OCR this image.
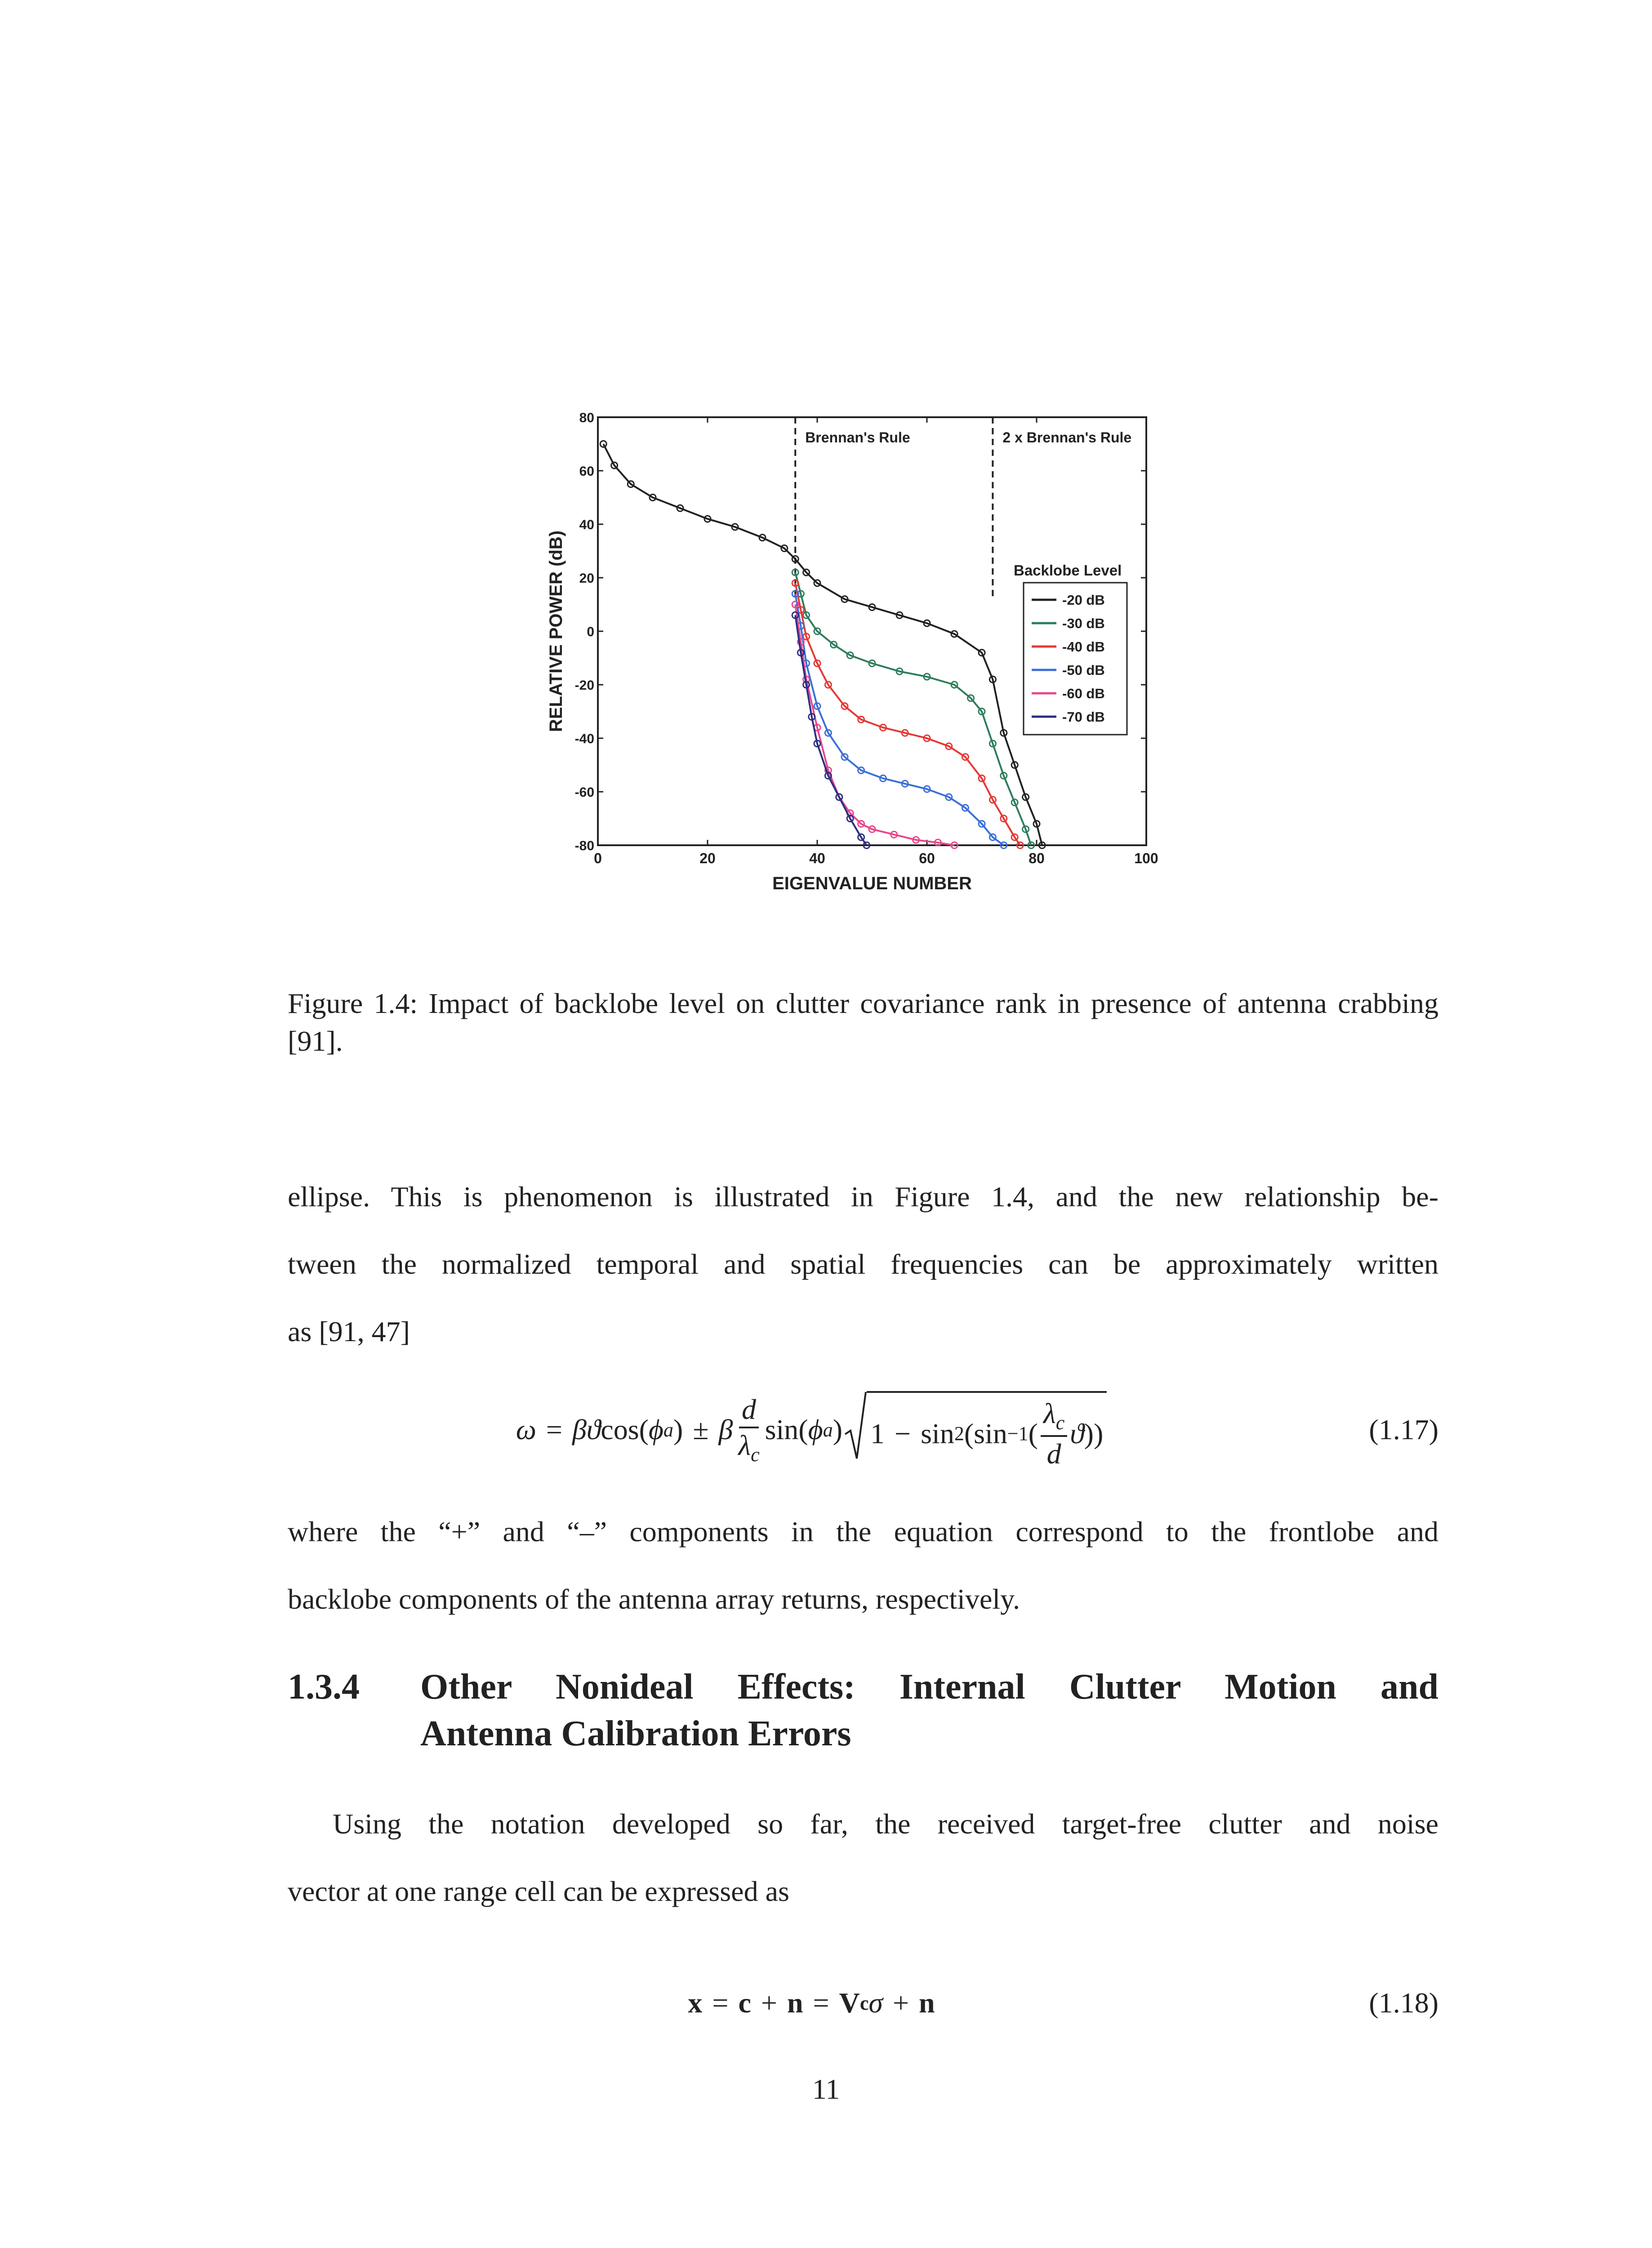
EIGENVALUE NUMBER
RELATIVE POWER (dB)
0	20	40	60	80	100
-80
-60
-40
-20
0
20
40
60
80
Brennan's Rule	2 x Brennan's Rule
Backlobe Level
-20 dB
-30 dB
-40 dB
-50 dB
-60 dB
-70 dB
Figure 1.4: Impact of backlobe level on clutter covariance rank in presence of antenna crabbing [91].
ellipse. This is phenomenon is illustrated in Figure 1.4, and the new relationship be-
tween the normalized temporal and spatial frequencies can be approximately written
as [91, 47]
ω = β ϑ cos( ϕ a ) ± β $\frac{d}{\lambda_c} \sin$( ϕ a ) 1 − sin 2 (sin −1 ( $\frac{\lambda_c}{d}$ ϑ ))	(1.17)
where the “+” and “–” components in the equation correspond to the frontlobe and
backlobe components of the antenna array returns, respectively.
1.3.4 Other Nonideal Effects: Internal Clutter Motion and
Antenna Calibration Errors
Using the notation developed so far, the received target-free clutter and noise
vector at one range cell can be expressed as
x = c + n = V c σ + n	(1.18)
11
